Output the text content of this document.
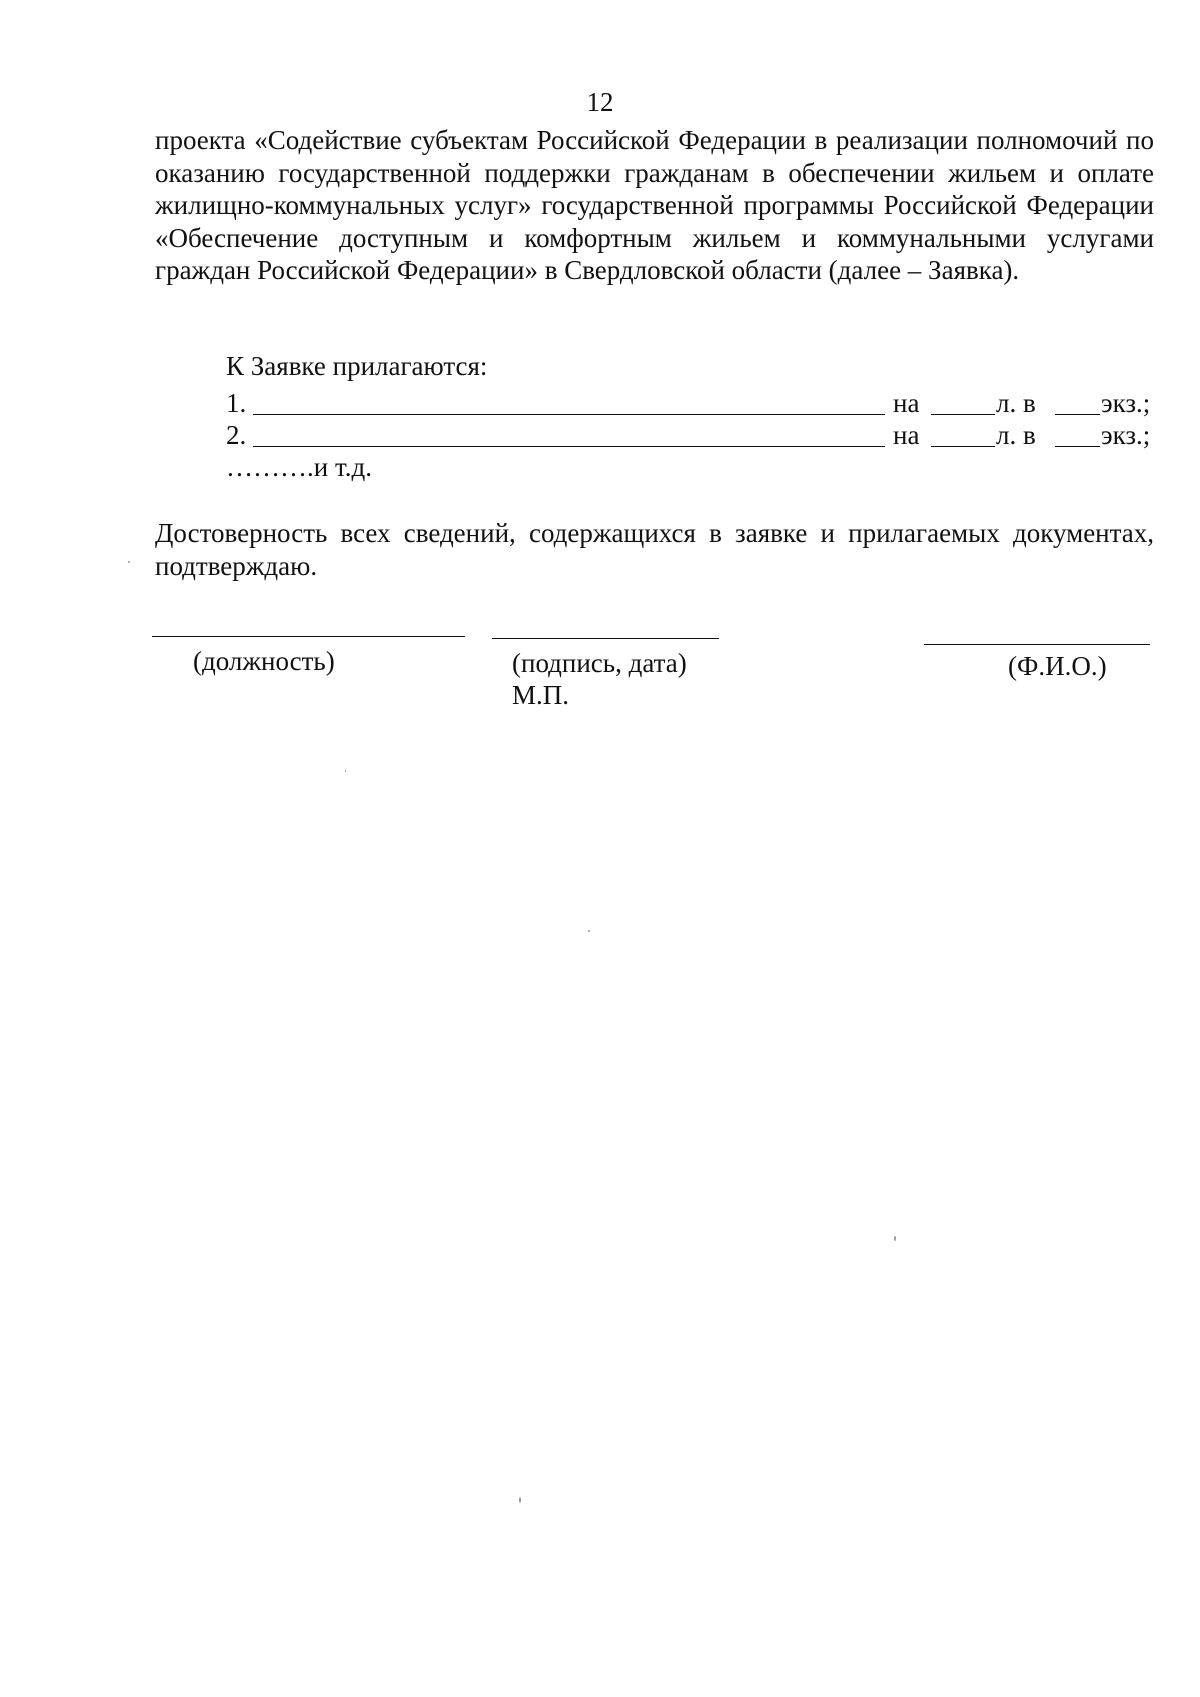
12

проекта «Содействие субъектам Российской Федерации в реализации полномочий по оказанию государственной поддержки гражданам в обеспечении жильем и оплате жилищно-коммунальных услуг» государственной программы Российской Федерации «Обеспечение доступным и комфортным жильем и коммунальными услугами граждан Российской Федерации» в Свердловской области (далее – Заявка).

К Заявке прилагаются:

1.	на	л. в экз.;
2.	на	л. в экз.;

……….и т.д.

Достоверность всех сведений, содержащихся в заявке и прилагаемых документах, подтверждаю.

(должность)	(подпись, дата)
М.П.
(Ф.И.О.)
